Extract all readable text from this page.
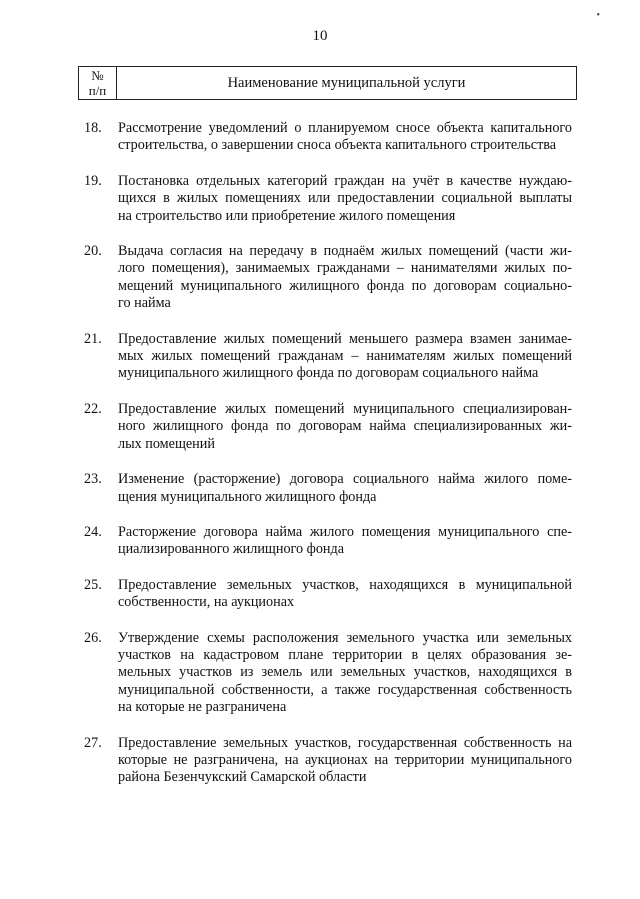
•
10
№
п/п	Наименование муниципальной услуги
18.	Рассмотрение уведомлений о планируемом сносе объекта капитального
строительства, о завершении сноса объекта капитального строительства
19.	Постановка отдельных категорий граждан на учёт в качестве нуждаю-
щихся в жилых помещениях или предоставлении социальной выплаты
на строительство или приобретение жилого помещения
20.	Выдача согласия на передачу в поднаём жилых помещений (части жи-
лого помещения), занимаемых гражданами – нанимателями жилых по-
мещений муниципального жилищного фонда по договорам социально-
го найма
21.	Предоставление жилых помещений меньшего размера взамен занимае-
мых жилых помещений гражданам – нанимателям жилых помещений
муниципального жилищного фонда по договорам социального найма
22.	Предоставление жилых помещений муниципального специализирован-
ного жилищного фонда по договорам найма специализированных жи-
лых помещений
23.	Изменение (расторжение) договора социального найма жилого поме-
щения муниципального жилищного фонда
24.	Расторжение договора найма жилого помещения муниципального спе-
циализированного жилищного фонда
25.	Предоставление земельных участков, находящихся в муниципальной
собственности, на аукционах
26.	Утверждение схемы расположения земельного участка или земельных
участков на кадастровом плане территории в целях образования зе-
мельных участков из земель или земельных участков, находящихся в
муниципальной собственности, а также государственная собственность
на которые не разграничена
27.	Предоставление земельных участков, государственная собственность на
которые не разграничена, на аукционах на территории муниципального
района Безенчукский Самарской области
